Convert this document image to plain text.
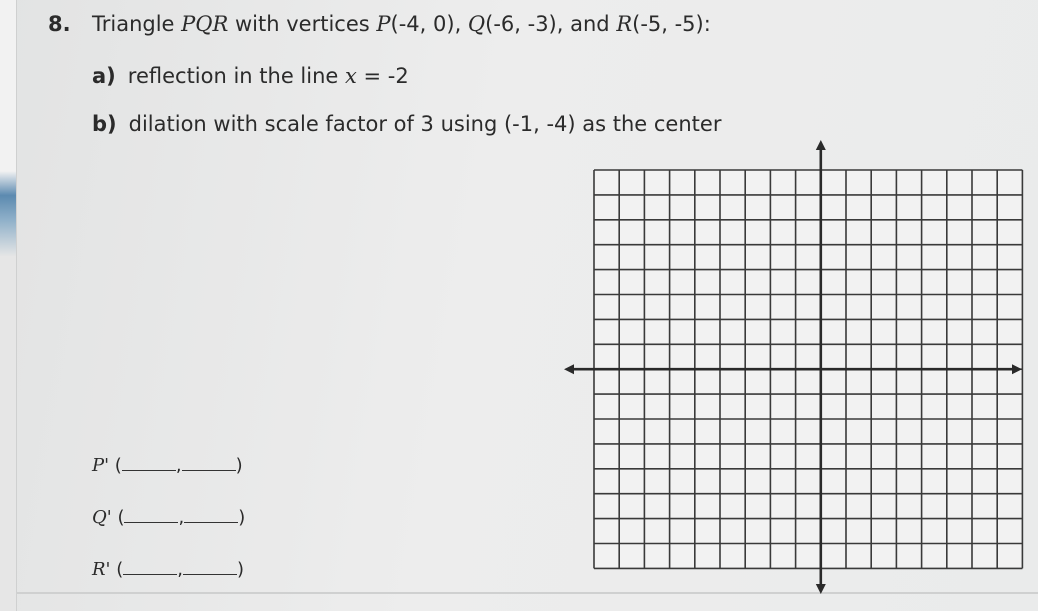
8. Triangle PQR with vertices P(-4, 0), Q(-6, -3), and R(-5, -5):
a) reflection in the line x = -2
b) dilation with scale factor of 3 using (-1, -4) as the center
P' (	,	)
Q' (	,	)
R' (	,	)
